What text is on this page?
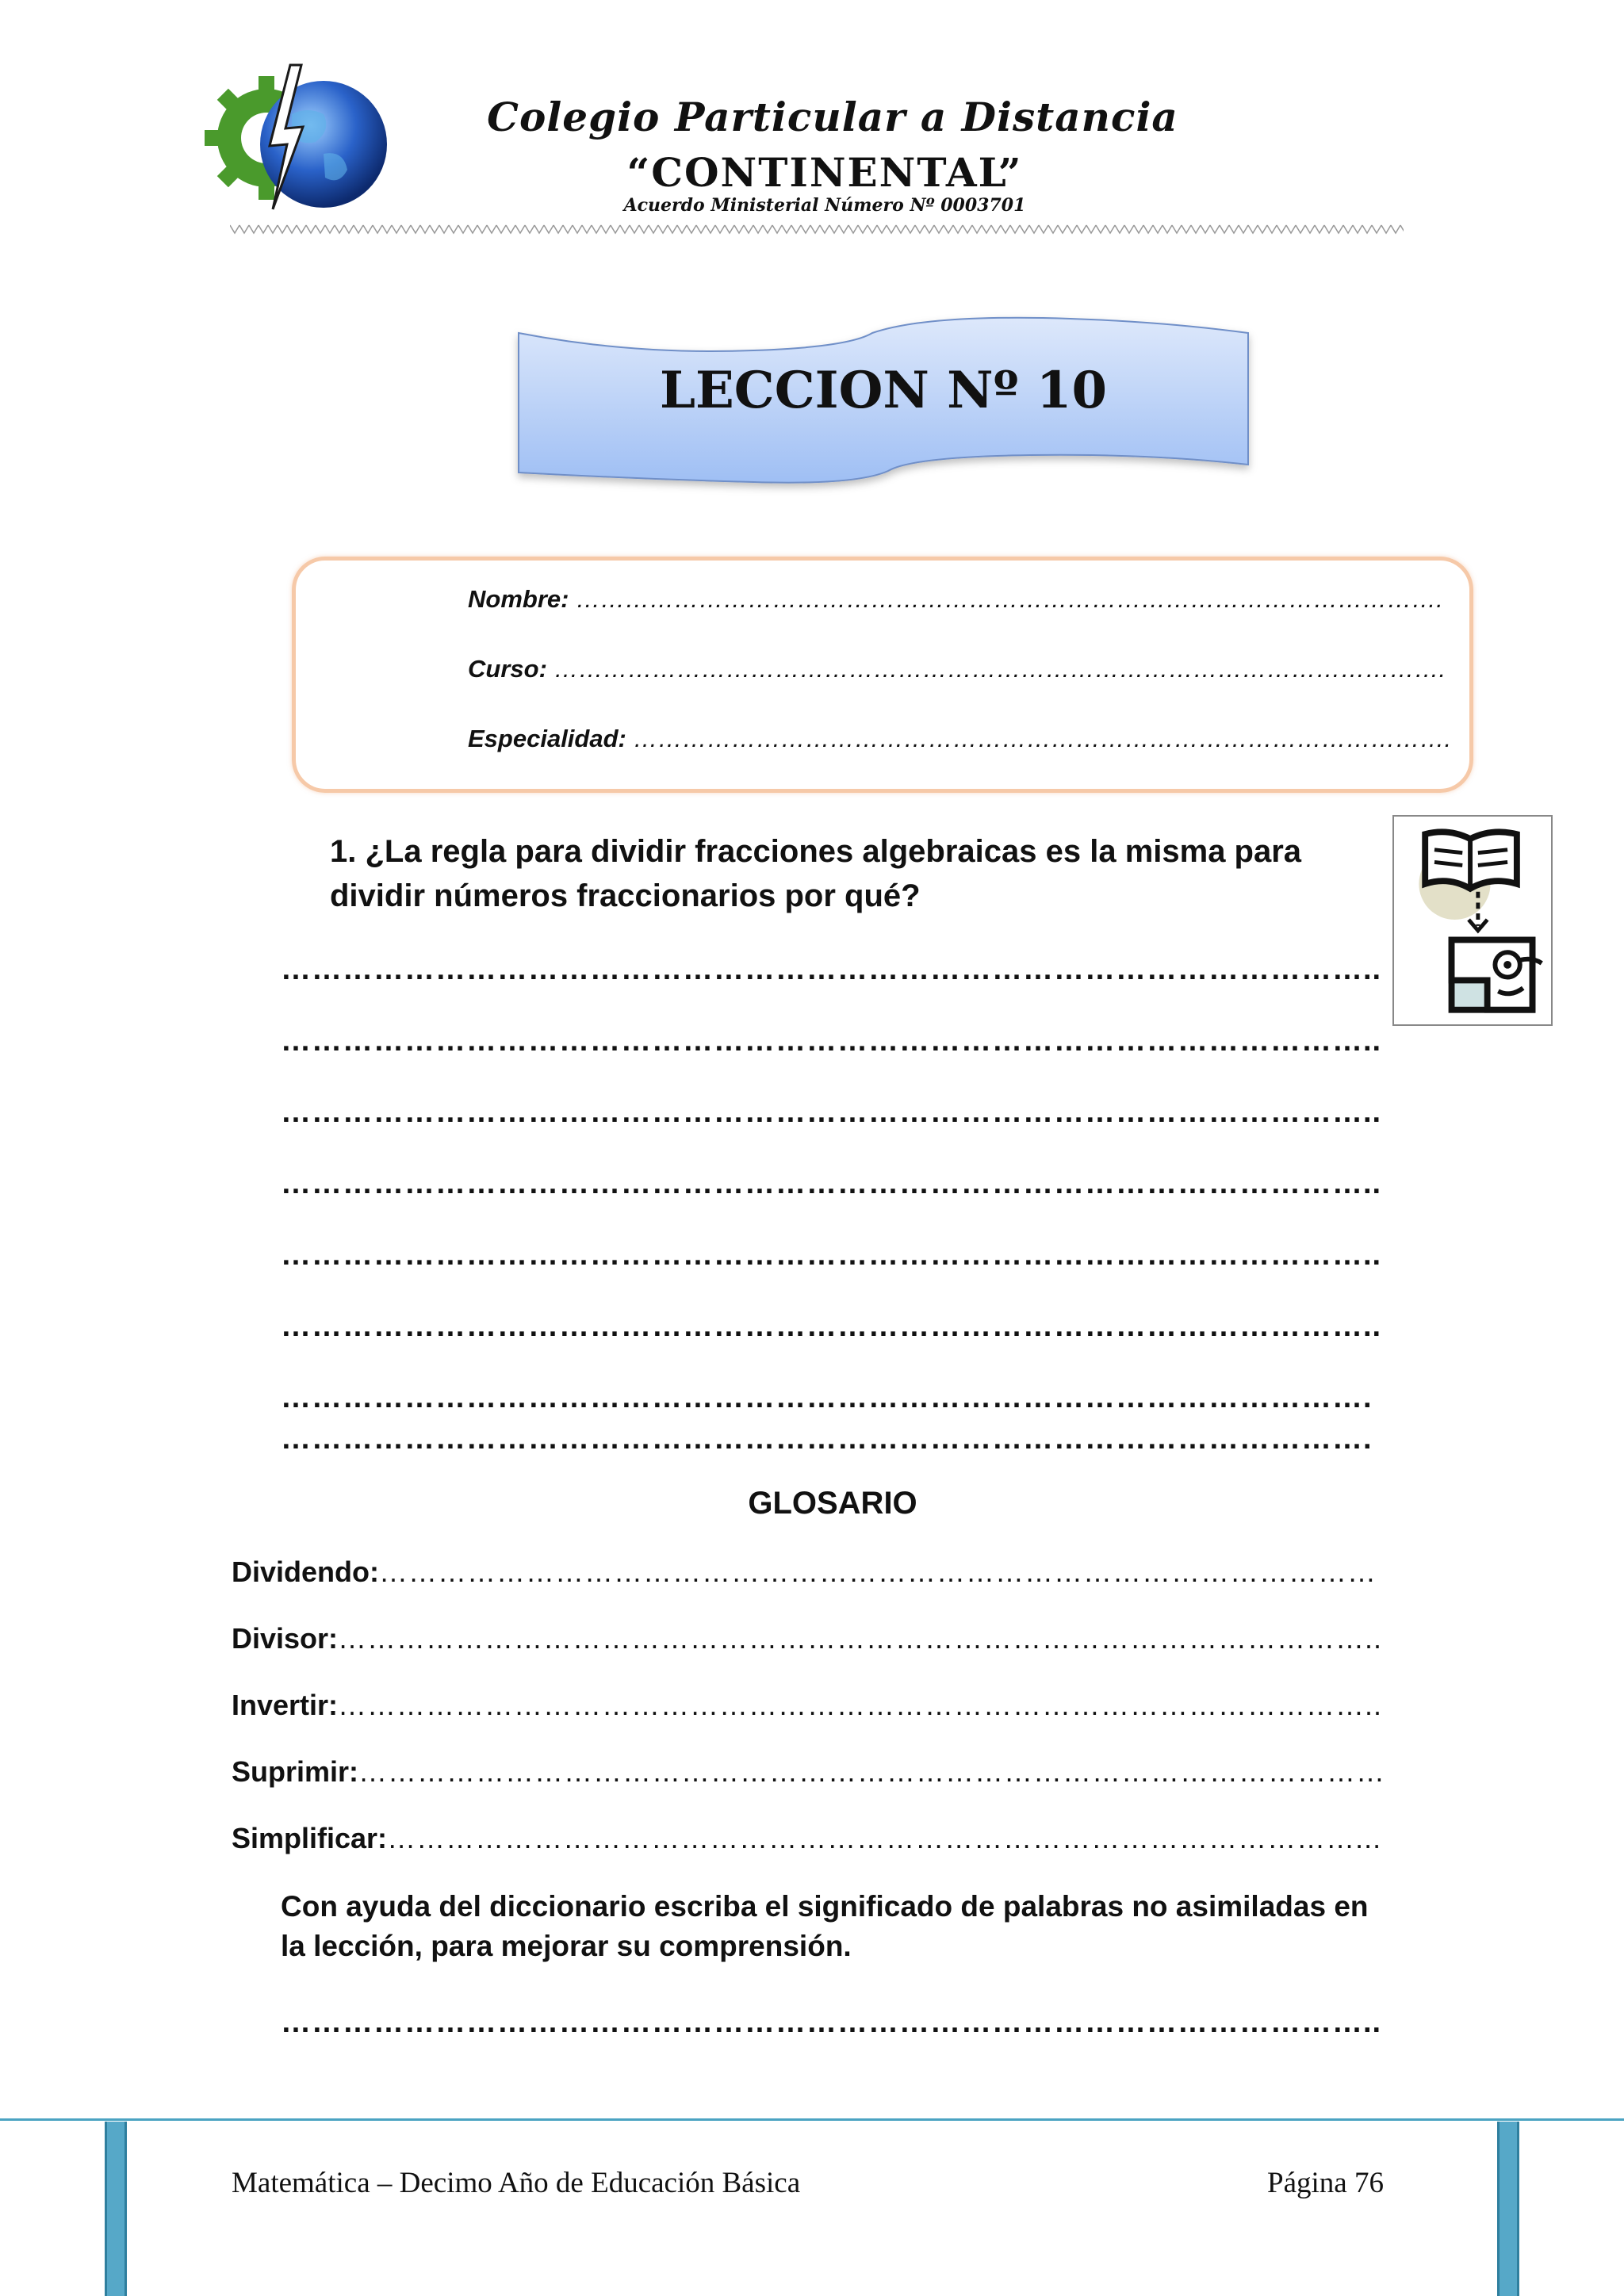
Colegio Particular a Distancia
“CONTINENTAL”
Acuerdo Ministerial Número Nº 0003701
LECCION Nº 10
Nombre: …………………………………………………………………………………………….
Curso: ……………………………………………………………………………………………….
Especialidad: ……………………………………………………………………………………….
1. ¿La regla para dividir fracciones algebraicas es la misma para dividir números fraccionarios por qué?
……………………………………………………………………………………………..
……………………………………………………………………………………………..
……………………………………………………………………………………………..
……………………………………………………………………………………………..
……………………………………………………………………………………………..
……………………………………………………………………………………………..
…………………………………………………………………………………………….
…………………………………………………………………………………………….
GLOSARIO
Dividendo:…………………………………………………………………………………………
Divisor:……………………………………………………………………………………………..
Invertir:……………………………………………………………………………………………..
Suprimir:……………………………………………………………………………………………
Simplificar:………………………………………………………………………………………...
Con ayuda del diccionario escriba el significado de palabras no asimiladas en la lección, para mejorar su comprensión.
……………………………………………………………………………………………..
Matemática – Decimo Año de Educación Básica	Página 76
